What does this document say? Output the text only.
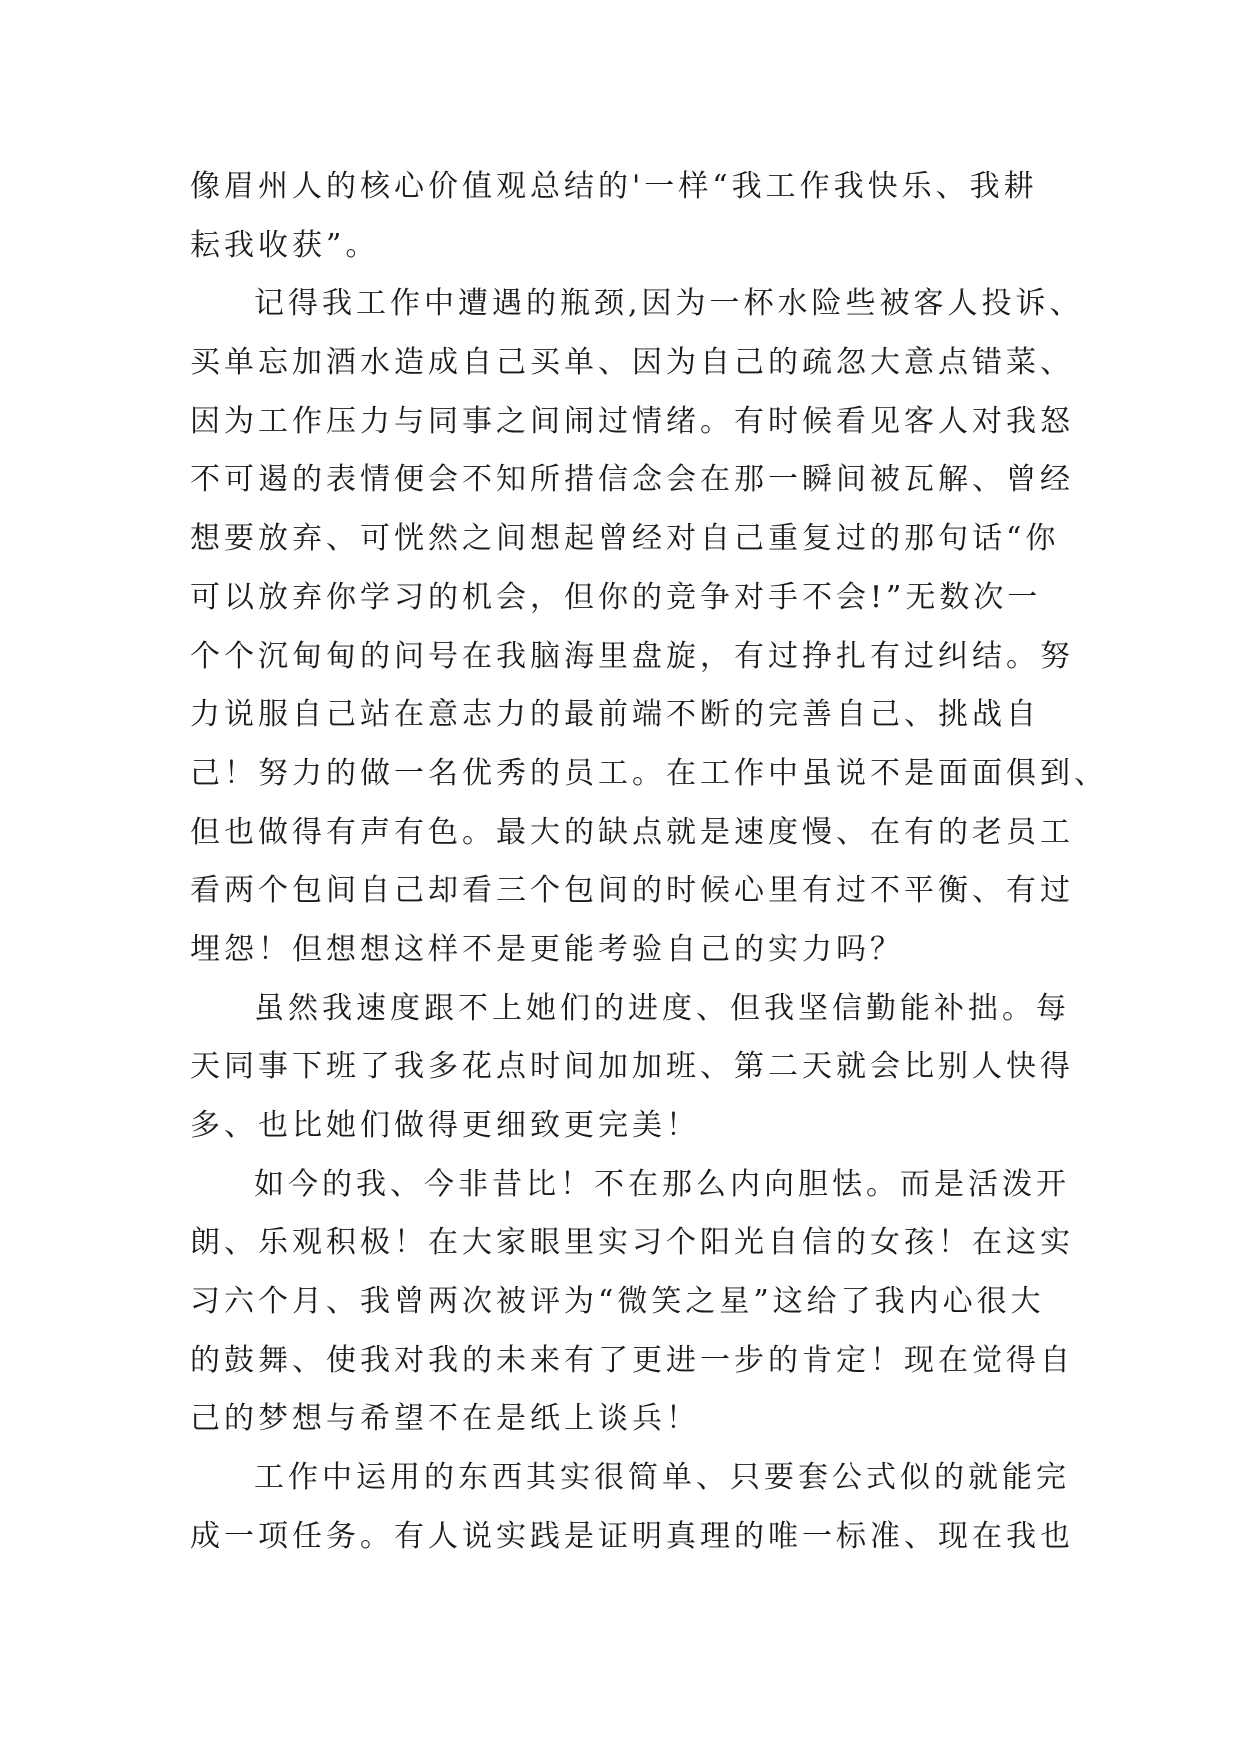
像眉州人的核心价值观总结的'一样“我工作我快乐、我耕
耘我收获”。
记得我工作中遭遇的瓶颈,因为一杯水险些被客人投诉、
买单忘加酒水造成自己买单、因为自己的疏忽大意点错菜、
因为工作压力与同事之间闹过情绪。有时候看见客人对我怒
不可遏的表情便会不知所措信念会在那一瞬间被瓦解、曾经
想要放弃、可恍然之间想起曾经对自己重复过的那句话“你
可以放弃你学习的机会，但你的竞争对手不会!”无数次一
个个沉甸甸的问号在我脑海里盘旋，有过挣扎有过纠结。努
力说服自己站在意志力的最前端不断的完善自己、挑战自
己！努力的做一名优秀的员工。在工作中虽说不是面面俱到、
但也做得有声有色。最大的缺点就是速度慢、在有的老员工
看两个包间自己却看三个包间的时候心里有过不平衡、有过
埋怨！但想想这样不是更能考验自己的实力吗？
虽然我速度跟不上她们的进度、但我坚信勤能补拙。每
天同事下班了我多花点时间加加班、第二天就会比别人快得
多、也比她们做得更细致更完美！
如今的我、今非昔比！不在那么内向胆怯。而是活泼开
朗、乐观积极！在大家眼里实习个阳光自信的女孩！在这实
习六个月、我曾两次被评为“微笑之星”这给了我内心很大
的鼓舞、使我对我的未来有了更进一步的肯定！现在觉得自
己的梦想与希望不在是纸上谈兵！
工作中运用的东西其实很简单、只要套公式似的就能完
成一项任务。有人说实践是证明真理的唯一标准、现在我也
